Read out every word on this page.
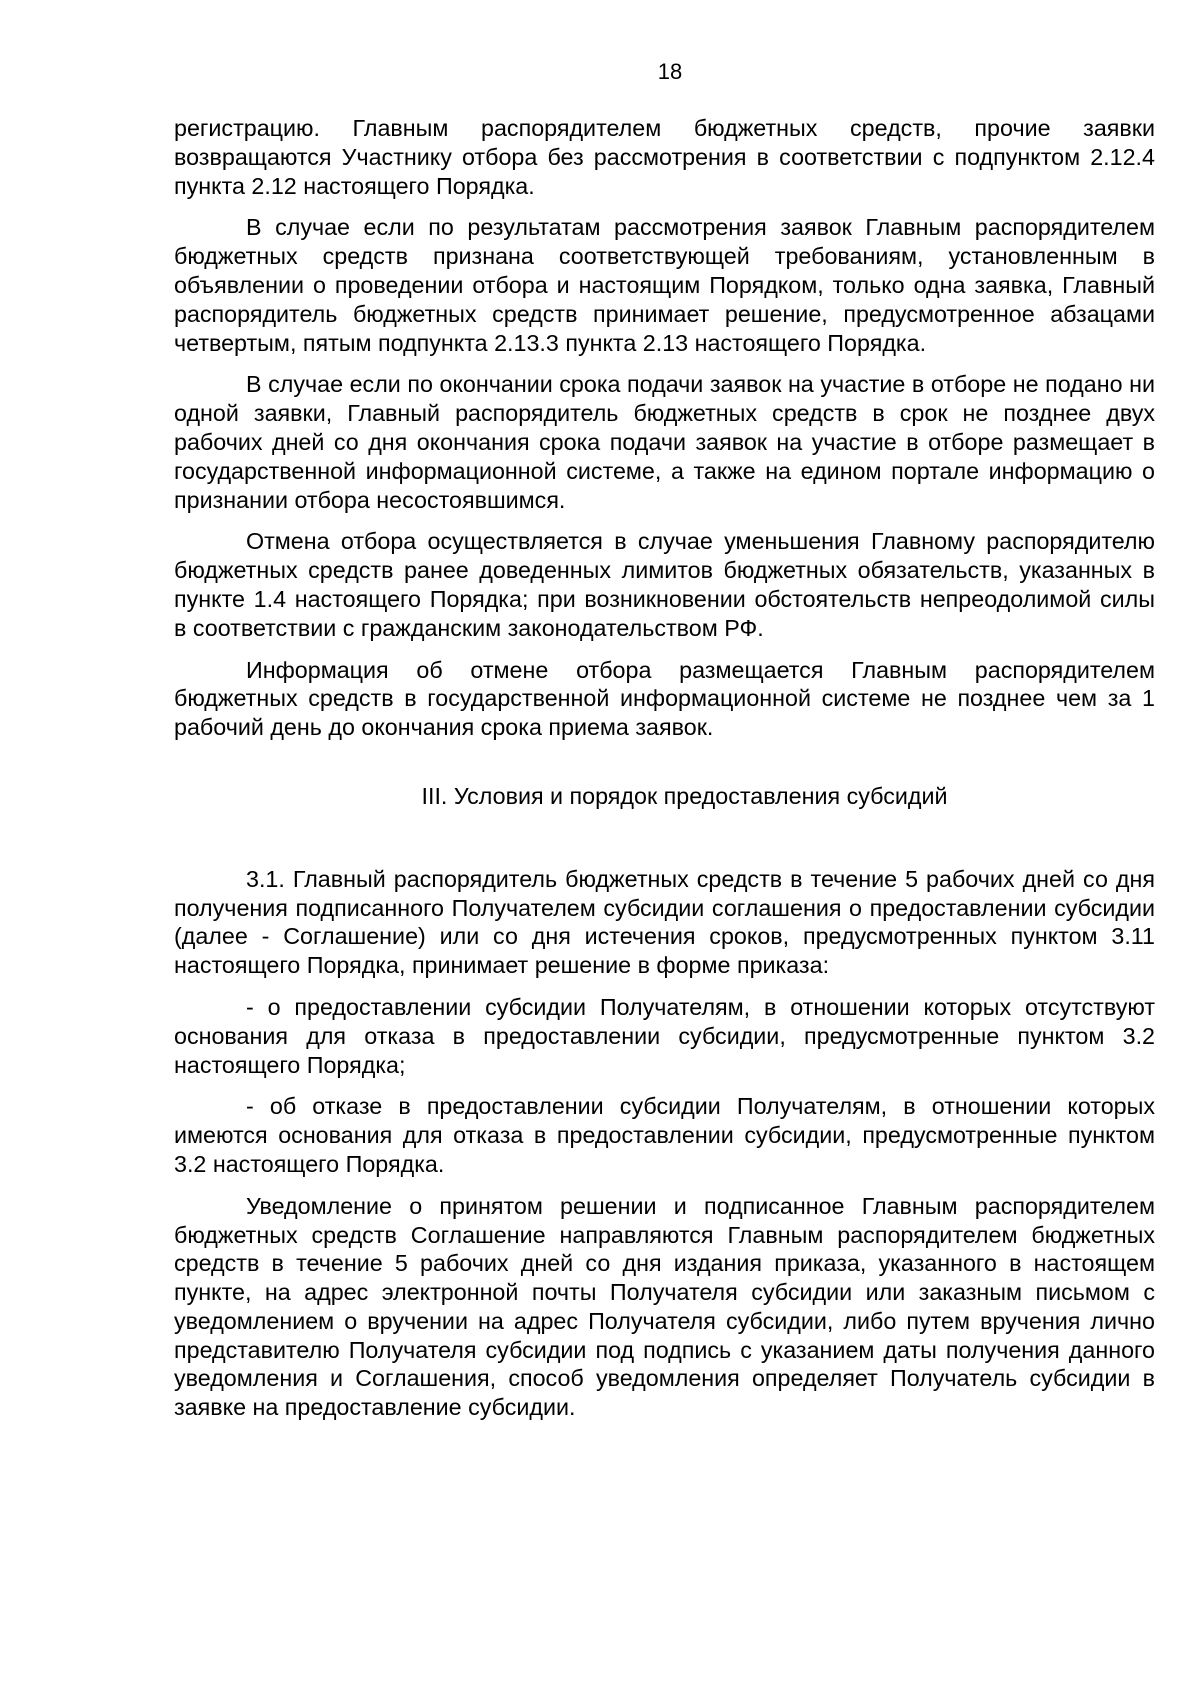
18

регистрацию. Главным распорядителем бюджетных средств, прочие заявки возвращаются Участнику отбора без рассмотрения в соответствии с подпунктом 2.12.4 пункта 2.12 настоящего Порядка.

В случае если по результатам рассмотрения заявок Главным распорядителем бюджетных средств признана соответствующей требованиям, установленным в объявлении о проведении отбора и настоящим Порядком, только одна заявка, Главный распорядитель бюджетных средств принимает решение, предусмотренное абзацами четвертым, пятым подпункта 2.13.3 пункта 2.13 настоящего Порядка.

В случае если по окончании срока подачи заявок на участие в отборе не подано ни одной заявки, Главный распорядитель бюджетных средств в срок не позднее двух рабочих дней со дня окончания срока подачи заявок на участие в отборе размещает в государственной информационной системе, а также на едином портале информацию о признании отбора несостоявшимся.

Отмена отбора осуществляется в случае уменьшения Главному распорядителю бюджетных средств ранее доведенных лимитов бюджетных обязательств, указанных в пункте 1.4 настоящего Порядка; при возникновении обстоятельств непреодолимой силы в соответствии с гражданским законодательством РФ.

Информация об отмене отбора размещается Главным распорядителем бюджетных средств в государственной информационной системе не позднее чем за 1 рабочий день до окончания срока приема заявок.

III. Условия и порядок предоставления субсидий

3.1. Главный распорядитель бюджетных средств в течение 5 рабочих дней со дня получения подписанного Получателем субсидии соглашения о предоставлении субсидии (далее - Соглашение) или со дня истечения сроков, предусмотренных пунктом 3.11 настоящего Порядка, принимает решение в форме приказа:

- о предоставлении субсидии Получателям, в отношении которых отсутствуют основания для отказа в предоставлении субсидии, предусмотренные пунктом 3.2 настоящего Порядка;

- об отказе в предоставлении субсидии Получателям, в отношении которых имеются основания для отказа в предоставлении субсидии, предусмотренные пунктом 3.2 настоящего Порядка.

Уведомление о принятом решении и подписанное Главным распорядителем бюджетных средств Соглашение направляются Главным распорядителем бюджетных средств в течение 5 рабочих дней со дня издания приказа, указанного в настоящем пункте, на адрес электронной почты Получателя субсидии или заказным письмом с уведомлением о вручении на адрес Получателя субсидии, либо путем вручения лично представителю Получателя субсидии под подпись с указанием даты получения данного уведомления и Соглашения, способ уведомления определяет Получатель субсидии в заявке на предоставление субсидии.
